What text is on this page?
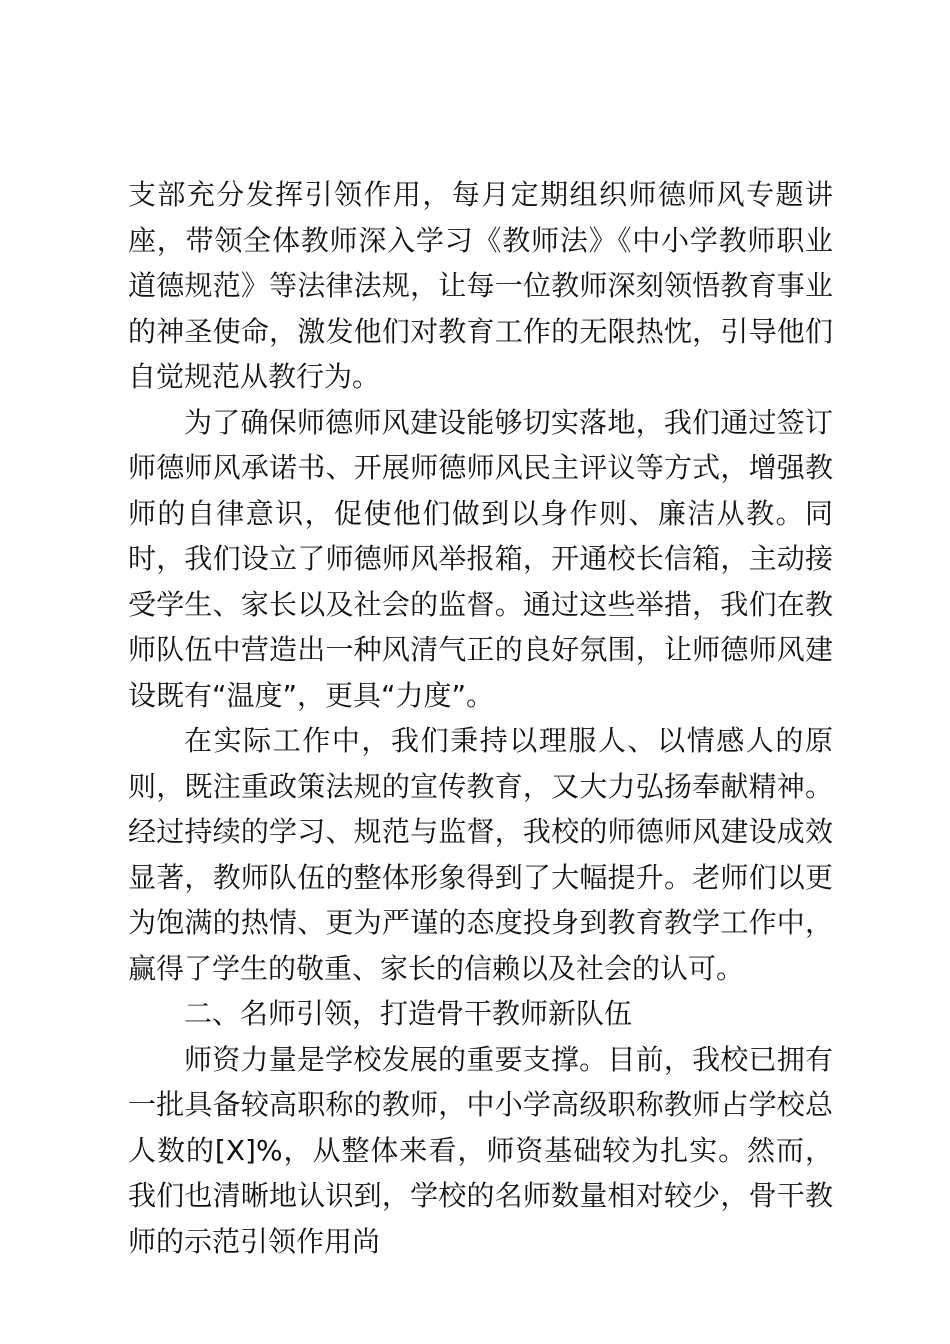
支部充分发挥引领作用，每月定期组织师德师风专题讲座，带领全体教师深入学习《教师法》《中小学教师职业道德规范》等法律法规，让每一位教师深刻领悟教育事业的神圣使命，激发他们对教育工作的无限热忱，引导他们自觉规范从教行为。

为了确保师德师风建设能够切实落地，我们通过签订师德师风承诺书、开展师德师风民主评议等方式，增强教师的自律意识，促使他们做到以身作则、廉洁从教。同时，我们设立了师德师风举报箱，开通校长信箱，主动接受学生、家长以及社会的监督。通过这些举措，我们在教师队伍中营造出一种风清气正的良好氛围，让师德师风建设既有“温度”，更具“力度”。

在实际工作中，我们秉持以理服人、以情感人的原则，既注重政策法规的宣传教育，又大力弘扬奉献精神。经过持续的学习、规范与监督，我校的师德师风建设成效显著，教师队伍的整体形象得到了大幅提升。老师们以更为饱满的热情、更为严谨的态度投身到教育教学工作中，赢得了学生的敬重、家长的信赖以及社会的认可。

二、名师引领，打造骨干教师新队伍

师资力量是学校发展的重要支撑。目前，我校已拥有一批具备较高职称的教师，中小学高级职称教师占学校总人数的[X]%，从整体来看，师资基础较为扎实。然而，我们也清晰地认识到，学校的名师数量相对较少，骨干教师的示范引领作用尚
